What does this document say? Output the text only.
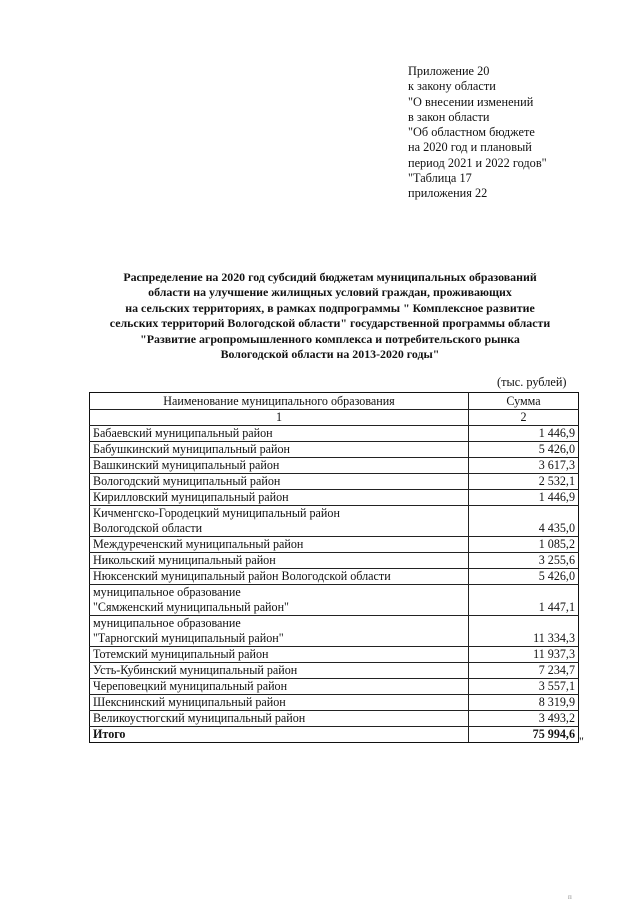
Приложение 20
к закону области
"О внесении изменений
в закон области
"Об областном бюджете
на 2020 год и плановый
период 2021 и 2022 годов"
"Таблица 17
приложения 22
Распределение на 2020 год субсидий бюджетам муниципальных образований
области на улучшение жилищных условий граждан, проживающих
на сельских территориях, в рамках подпрограммы " Комплексное развитие
сельских территорий Вологодской области" государственной программы области
"Развитие агропромышленного комплекса и потребительского рынка
Вологодской области на 2013-2020 годы"
(тыс. рублей)
Наименование муниципального образования	Сумма
1	2

Бабаевский муниципальный район	1 446,9

Бабушкинский муниципальный район	5 426,0

Вашкинский муниципальный район	3 617,3

Вологодский муниципальный район	2 532,1

Кирилловский муниципальный район	1 446,9

Кичменгско-Городецкий муниципальный район
Вологодской области	4 435,0

Междуреченский муниципальный район	1 085,2

Никольский муниципальный район	3 255,6

Нюксенский муниципальный район Вологодской области	5 426,0

муниципальное образование
"Сямженский муниципальный район"	1 447,1

муниципальное образование
"Тарногский муниципальный район"	11 334,3

Тотемский муниципальный район	11 937,3

Усть-Кубинский муниципальный район	7 234,7

Череповецкий муниципальный район	3 557,1

Шекснинский муниципальный район	8 319,9

Великоустюгский муниципальный район	3 493,2
Итого	75 994,6 "
п
